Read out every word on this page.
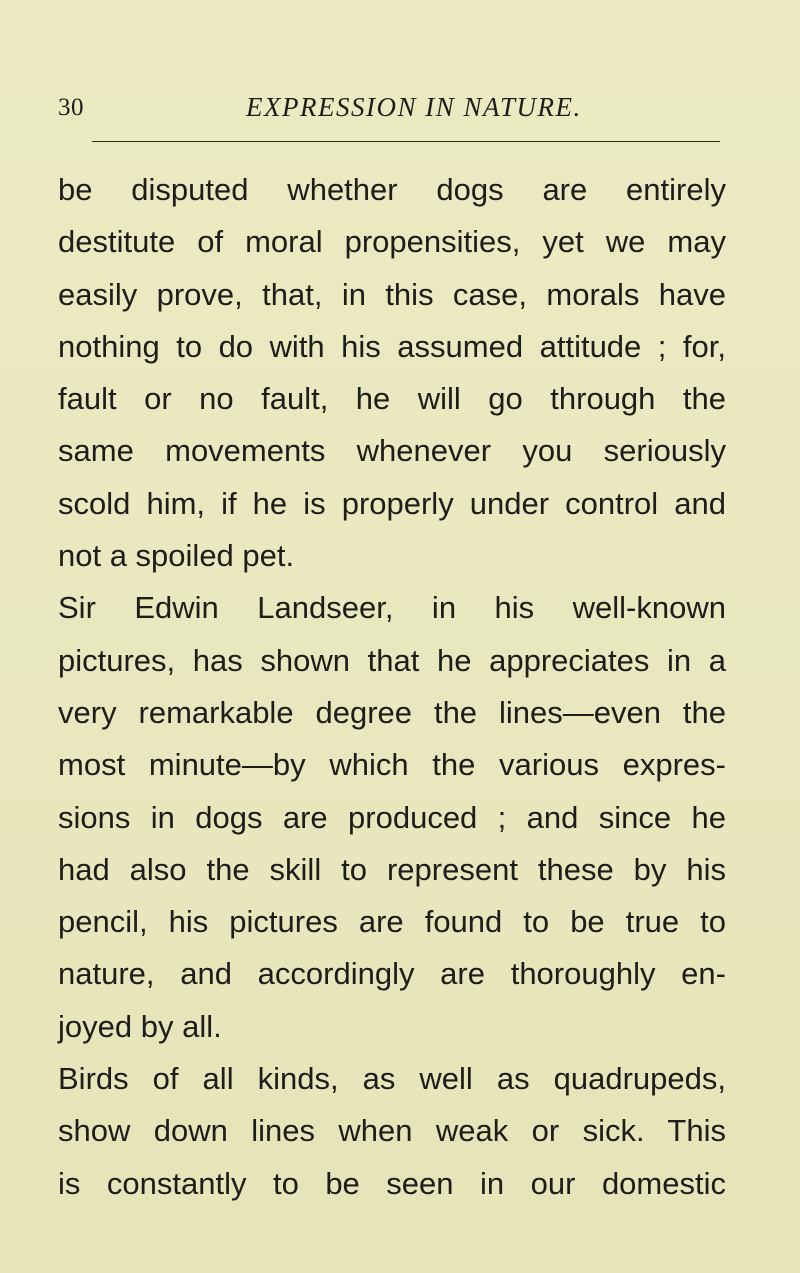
30	EXPRESSION IN NATURE.
be disputed whether dogs are entirely
destitute of moral propensities, yet we may
easily prove, that, in this case, morals have
nothing to do with his assumed attitude ; for,
fault or no fault, he will go through the
same movements whenever you seriously
scold him, if he is properly under control and
not a spoiled pet.
Sir Edwin Landseer, in his well-known
pictures, has shown that he appreciates in a
very remarkable degree the lines—even the
most minute—by which the various expres-
sions in dogs are produced ; and since he
had also the skill to represent these by his
pencil, his pictures are found to be true to
nature, and accordingly are thoroughly en-
joyed by all.
Birds of all kinds, as well as quadrupeds,
show down lines when weak or sick. This
is constantly to be seen in our domestic
